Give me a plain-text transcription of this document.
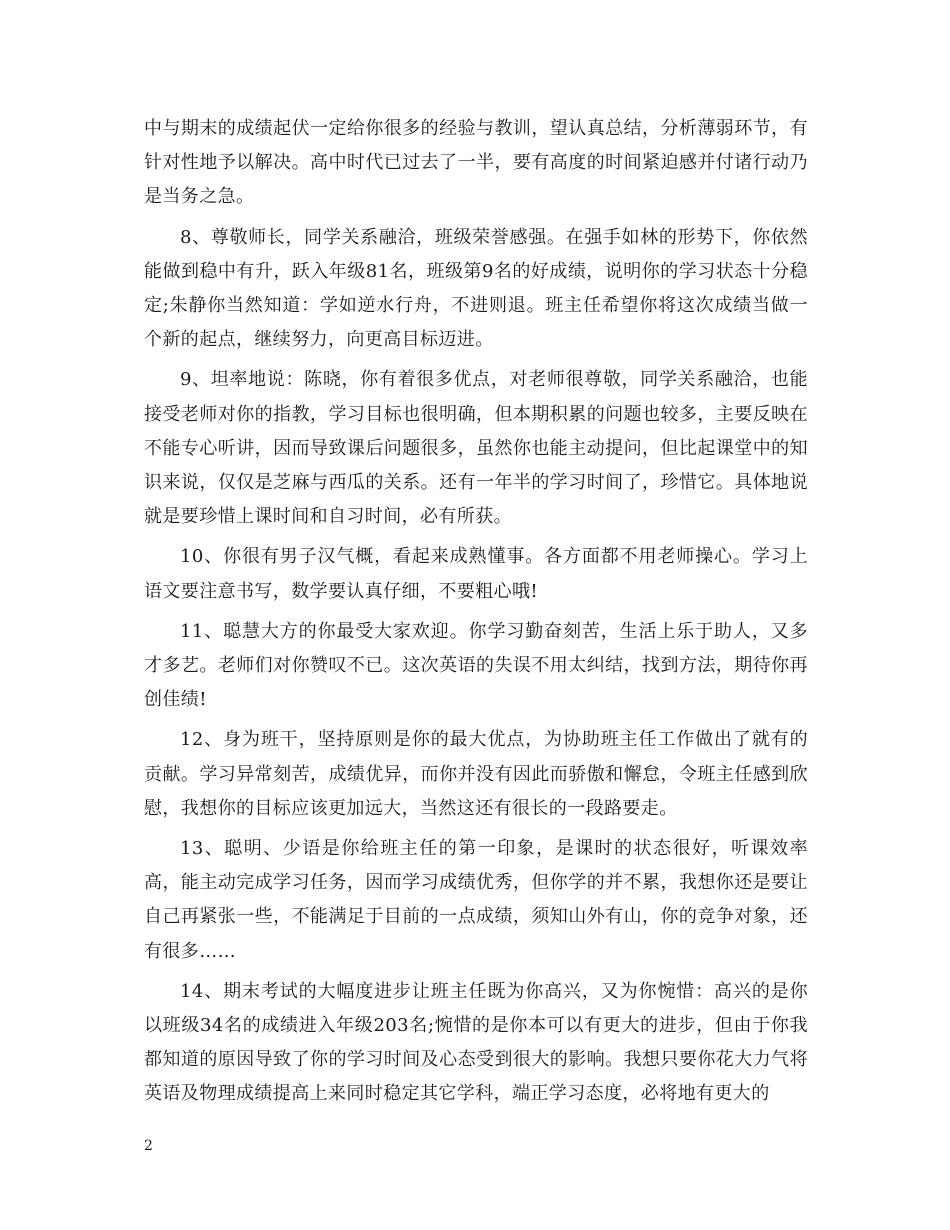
中与期末的成绩起伏一定给你很多的经验与教训，望认真总结，分析薄弱环节，有针对性地予以解决。高中时代已过去了一半，要有高度的时间紧迫感并付诸行动乃是当务之急。

8、尊敬师长，同学关系融洽，班级荣誉感强。在强手如林的形势下，你依然能做到稳中有升，跃入年级81名，班级第9名的好成绩，说明你的学习状态十分稳定;朱静你当然知道：学如逆水行舟，不进则退。班主任希望你将这次成绩当做一个新的起点，继续努力，向更高目标迈进。

9、坦率地说：陈晓，你有着很多优点，对老师很尊敬，同学关系融洽，也能接受老师对你的指教，学习目标也很明确，但本期积累的问题也较多，主要反映在不能专心听讲，因而导致课后问题很多，虽然你也能主动提问，但比起课堂中的知识来说，仅仅是芝麻与西瓜的关系。还有一年半的学习时间了，珍惜它。具体地说就是要珍惜上课时间和自习时间，必有所获。

10、你很有男子汉气概，看起来成熟懂事。各方面都不用老师操心。学习上语文要注意书写，数学要认真仔细，不要粗心哦!

11、聪慧大方的你最受大家欢迎。你学习勤奋刻苦，生活上乐于助人，又多才多艺。老师们对你赞叹不已。这次英语的失误不用太纠结，找到方法，期待你再创佳绩!

12、身为班干，坚持原则是你的最大优点，为协助班主任工作做出了就有的贡献。学习异常刻苦，成绩优异，而你并没有因此而骄傲和懈怠，令班主任感到欣慰，我想你的目标应该更加远大，当然这还有很长的一段路要走。

13、聪明、少语是你给班主任的第一印象，是课时的状态很好，听课效率高，能主动完成学习任务，因而学习成绩优秀，但你学的并不累，我想你还是要让自己再紧张一些，不能满足于目前的一点成绩，须知山外有山，你的竞争对象，还有很多……

14、期末考试的大幅度进步让班主任既为你高兴，又为你惋惜：高兴的是你以班级34名的成绩进入年级203名;惋惜的是你本可以有更大的进步，但由于你我都知道的原因导致了你的学习时间及心态受到很大的影响。我想只要你花大力气将英语及物理成绩提高上来同时稳定其它学科，端正学习态度，必将地有更大的

2
